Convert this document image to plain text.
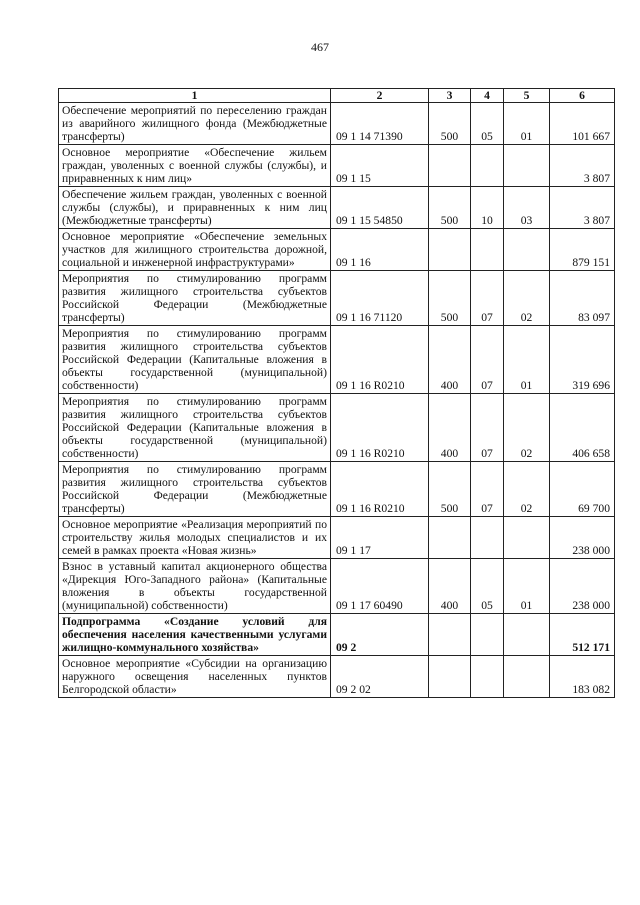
467
1	2	3	4	5	6
Обеспечение мероприятий по переселению граждан из аварийного жилищного фонда (Межбюджетные трансферты)	09 1 14 71390	500	05	01	101 667
Основное мероприятие «Обеспечение жильем граждан, уволенных с военной службы (службы), и приравненных к ним лиц»	09 1 15				3 807
Обеспечение жильем граждан, уволенных с военной службы (службы), и приравненных к ним лиц (Межбюджетные трансферты)	09 1 15 54850	500	10	03	3 807
Основное мероприятие «Обеспечение земельных участков для жилищного строительства дорожной, социальной и инженерной инфраструктурами»	09 1 16				879 151
Мероприятия по стимулированию программ развития жилищного строительства субъектов Российской Федерации (Межбюджетные трансферты)	09 1 16 71120	500	07	02	83 097
Мероприятия по стимулированию программ развития жилищного строительства субъектов Российской Федерации (Капитальные вложения в объекты государственной (муниципальной) собственности)	09 1 16 R0210	400	07	01	319 696
Мероприятия по стимулированию программ развития жилищного строительства субъектов Российской Федерации (Капитальные вложения в объекты государственной (муниципальной) собственности)	09 1 16 R0210	400	07	02	406 658
Мероприятия по стимулированию программ развития жилищного строительства субъектов Российской Федерации (Межбюджетные трансферты)	09 1 16 R0210	500	07	02	69 700
Основное мероприятие «Реализация мероприятий по строительству жилья молодых специалистов и их семей в рамках проекта «Новая жизнь»	09 1 17				238 000
Взнос в уставный капитал акционерного общества «Дирекция Юго-Западного района» (Капитальные вложения в объекты государственной (муниципальной) собственности)	09 1 17 60490	400	05	01	238 000
Подпрограмма «Создание условий для обеспечения населения качественными услугами жилищно-коммунального хозяйства»	09 2				512 171
Основное мероприятие «Субсидии на организацию наружного освещения населенных пунктов Белгородской области»	09 2 02				183 082
